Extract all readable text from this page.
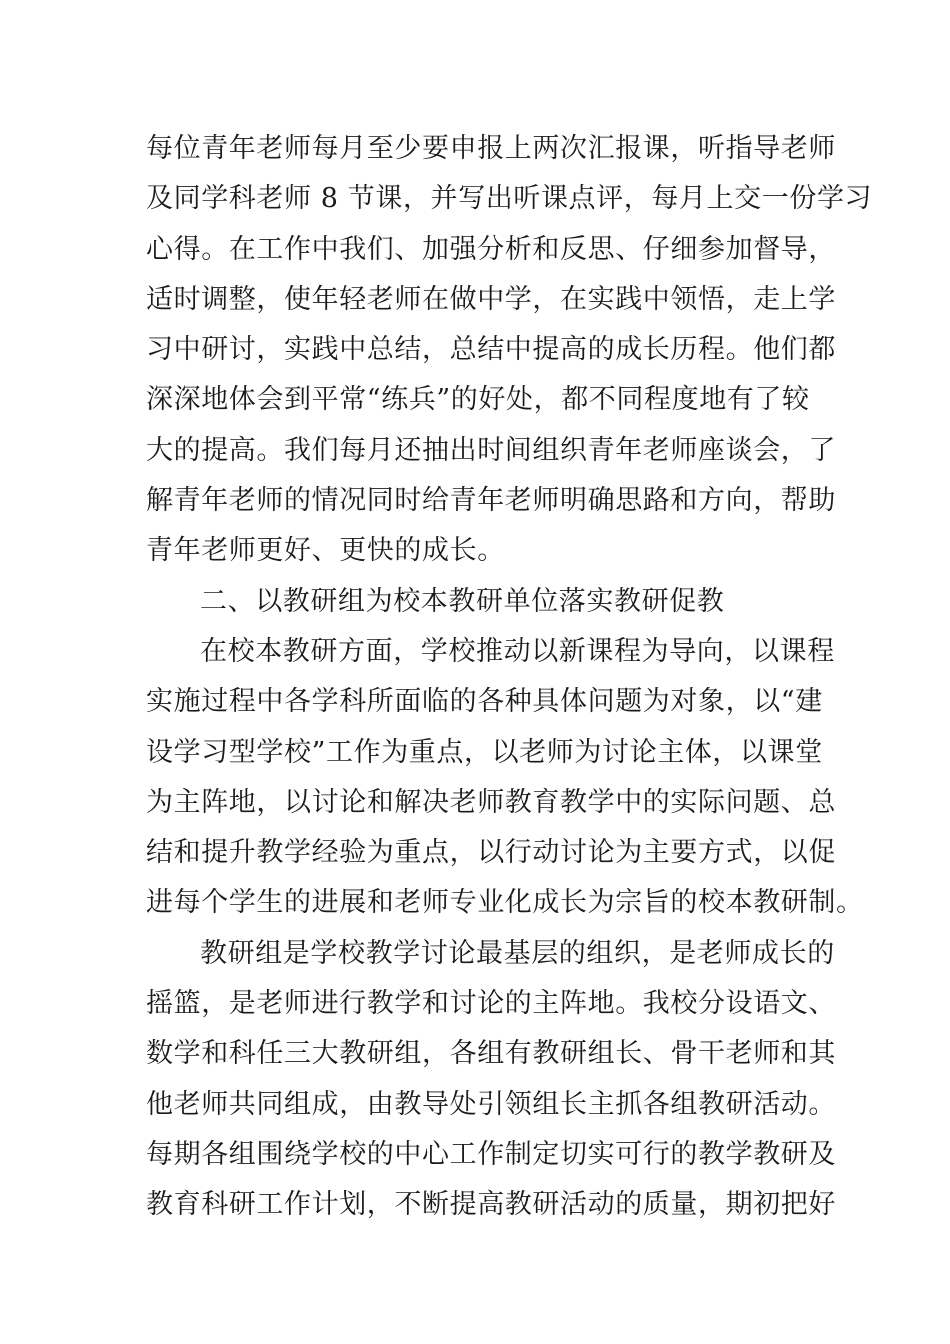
每位青年老师每月至少要申报上两次汇报课，听指导老师
及同学科老师 8 节课，并写出听课点评，每月上交一份学习
心得。在工作中我们、加强分析和反思、仔细参加督导，
适时调整，使年轻老师在做中学，在实践中领悟，走上学
习中研讨，实践中总结，总结中提高的成长历程。他们都
深深地体会到平常“练兵”的好处，都不同程度地有了较
大的提高。我们每月还抽出时间组织青年老师座谈会，了
解青年老师的情况同时给青年老师明确思路和方向，帮助
青年老师更好、更快的成长。
二、以教研组为校本教研单位落实教研促教
在校本教研方面，学校推动以新课程为导向，以课程
实施过程中各学科所面临的各种具体问题为对象，以“建
设学习型学校”工作为重点，以老师为讨论主体，以课堂
为主阵地，以讨论和解决老师教育教学中的实际问题、总
结和提升教学经验为重点，以行动讨论为主要方式，以促
进每个学生的进展和老师专业化成长为宗旨的校本教研制。
教研组是学校教学讨论最基层的组织，是老师成长的
摇篮，是老师进行教学和讨论的主阵地。我校分设语文、
数学和科任三大教研组，各组有教研组长、骨干老师和其
他老师共同组成，由教导处引领组长主抓各组教研活动。
每期各组围绕学校的中心工作制定切实可行的教学教研及
教育科研工作计划，不断提高教研活动的质量，期初把好
